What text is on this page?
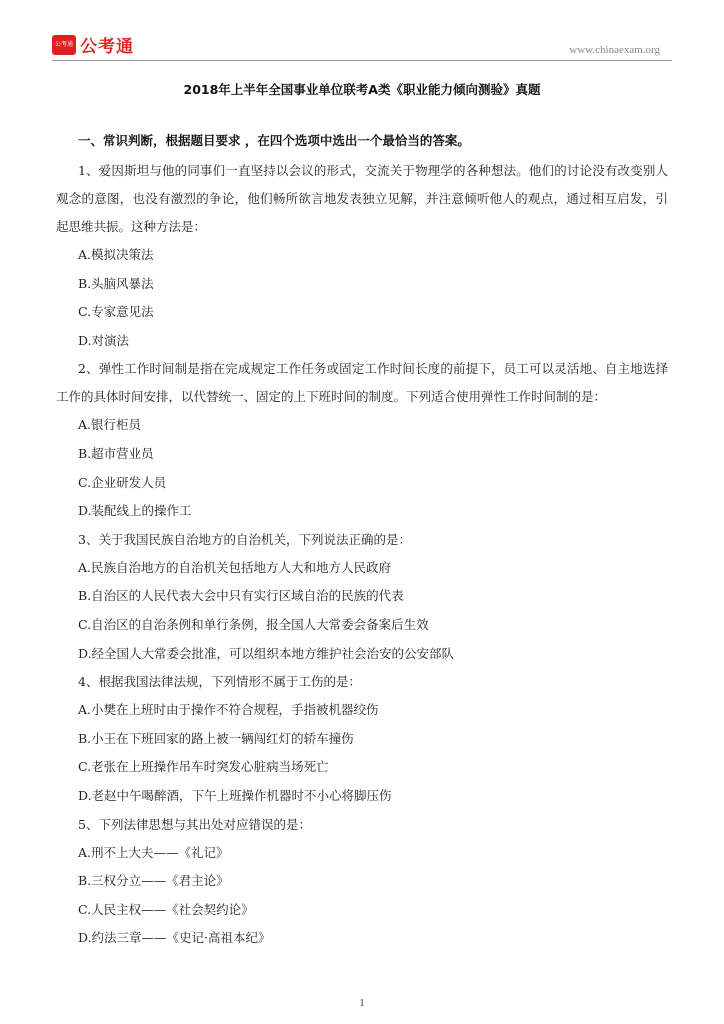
公考通 公考通	www.chinaexam.org
2018年上半年全国事业单位联考A类《职业能力倾向测验》真题

一、常识判断，根据题目要求 ，在四个选项中选出一个最恰当的答案。

1、爱因斯坦与他的同事们一直坚持以会议的形式，交流关于物理学的各种想法。他们的讨论没有改变别人观念的意图，也没有激烈的争论，他们畅所欲言地发表独立见解，并注意倾听他人的观点，通过相互启发，引起思维共振。这种方法是：

A.模拟决策法

B.头脑风暴法

C.专家意见法

D.对演法

2、弹性工作时间制是指在完成规定工作任务或固定工作时间长度的前提下，员工可以灵活地、自主地选择工作的具体时间安排，以代替统一、固定的上下班时间的制度。下列适合使用弹性工作时间制的是：

A.银行柜员

B.超市营业员

C.企业研发人员

D.装配线上的操作工

3、关于我国民族自治地方的自治机关，下列说法正确的是：

A.民族自治地方的自治机关包括地方人大和地方人民政府

B.自治区的人民代表大会中只有实行区域自治的民族的代表

C.自治区的自治条例和单行条例，报全国人大常委会备案后生效

D.经全国人大常委会批准，可以组织本地方维护社会治安的公安部队

4、根据我国法律法规，下列情形不属于工伤的是：

A.小樊在上班时由于操作不符合规程，手指被机器绞伤

B.小王在下班回家的路上被一辆闯红灯的轿车撞伤

C.老张在上班操作吊车时突发心脏病当场死亡

D.老赵中午喝醉酒，下午上班操作机器时不小心将脚压伤

5、下列法律思想与其出处对应错误的是：

A.刑不上大夫——《礼记》

B.三权分立——《君主论》

C.人民主权——《社会契约论》

D.约法三章——《史记·高祖本纪》

1
